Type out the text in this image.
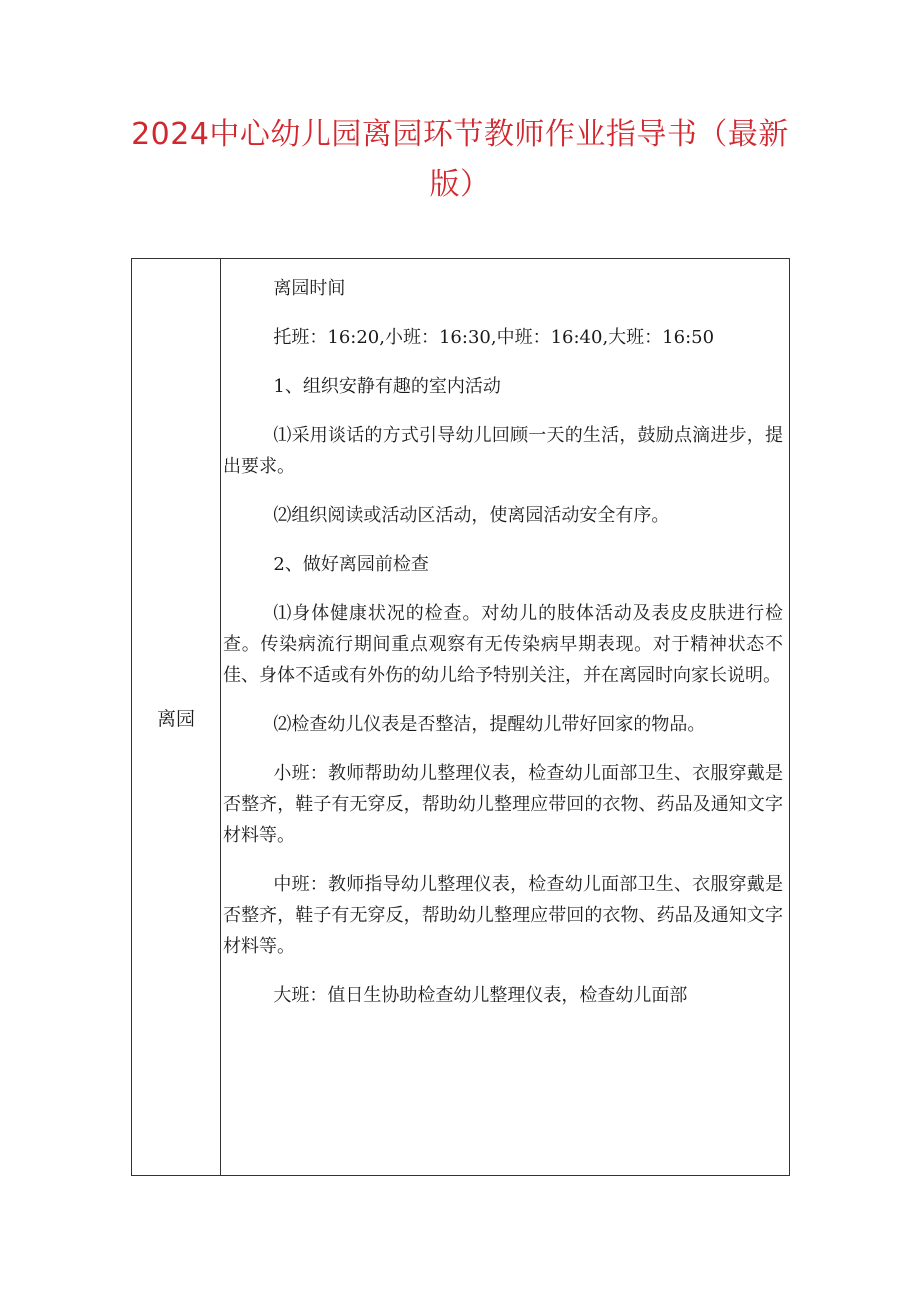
2024中心幼儿园离园环节教师作业指导书（最新版）
离园

离园时间

托班：16:20,小班：16:30,中班：16:40,大班：16:50

1、组织安静有趣的室内活动

⑴采用谈话的方式引导幼儿回顾一天的生活，鼓励点滴进步，提出要求。

⑵组织阅读或活动区活动，使离园活动安全有序。

2、做好离园前检查

⑴身体健康状况的检查。对幼儿的肢体活动及表皮皮肤进行检查。传染病流行期间重点观察有无传染病早期表现。对于精神状态不佳、身体不适或有外伤的幼儿给予特别关注，并在离园时向家长说明。

⑵检查幼儿仪表是否整洁，提醒幼儿带好回家的物品。

小班：教师帮助幼儿整理仪表，检查幼儿面部卫生、衣服穿戴是否整齐，鞋子有无穿反，帮助幼儿整理应带回的衣物、药品及通知文字材料等。

中班：教师指导幼儿整理仪表，检查幼儿面部卫生、衣服穿戴是否整齐，鞋子有无穿反，帮助幼儿整理应带回的衣物、药品及通知文字材料等。

大班：值日生协助检查幼儿整理仪表，检查幼儿面部
